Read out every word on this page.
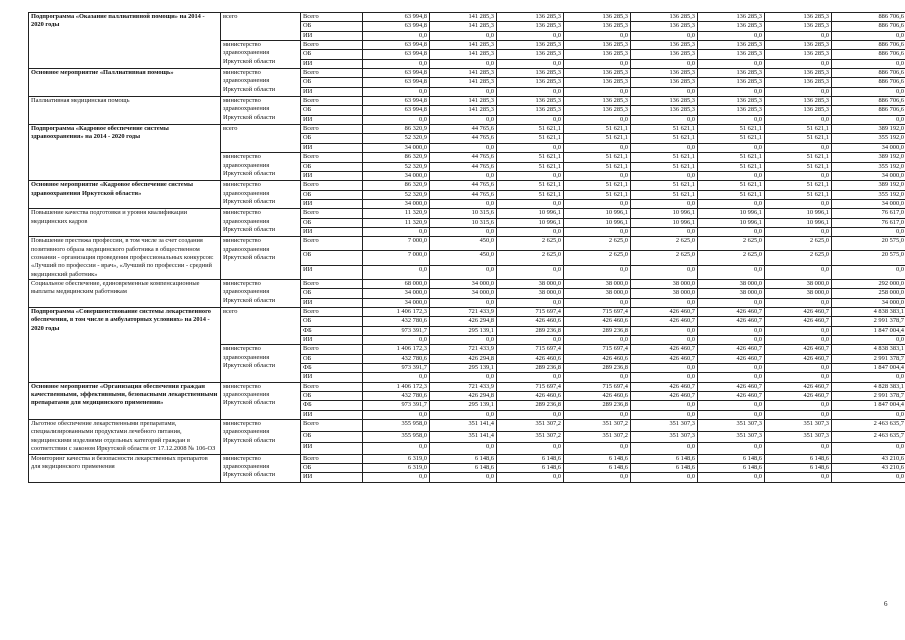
Подпрограмма «Оказание паллиативной помощи» на 2014 - 2020 годы	всего	Всего	63 994,8	141 285,3	136 285,3	136 285,3	136 285,3	136 285,3	136 285,3	886 706,6
		ОБ	63 994,8	141 285,3	136 285,3	136 285,3	136 285,3	136 285,3	136 285,3	886 706,6
		ИИ	0,0	0,0	0,0	0,0	0,0	0,0	0,0	0,0
	министерство здравоохранения Иркутской области	Всего	63 994,8	141 285,3	136 285,3	136 285,3	136 285,3	136 285,3	136 285,3	886 706,6
		ОБ	63 994,8	141 285,3	136 285,3	136 285,3	136 285,3	136 285,3	136 285,3	886 706,6
		ИИ	0,0	0,0	0,0	0,0	0,0	0,0	0,0	0,0
Основное мероприятие «Паллиативная помощь»	министерство здравоохранения Иркутской области	Всего	63 994,8	141 285,3	136 285,3	136 285,3	136 285,3	136 285,3	136 285,3	886 706,6
		ОБ	63 994,8	141 285,3	136 285,3	136 285,3	136 285,3	136 285,3	136 285,3	886 706,6
		ИИ	0,0	0,0	0,0	0,0	0,0	0,0	0,0	0,0
Паллиативная медицинская помощь	министерство здравоохранения Иркутской области	Всего	63 994,8	141 285,3	136 285,3	136 285,3	136 285,3	136 285,3	136 285,3	886 706,6
		ОБ	63 994,8	141 285,3	136 285,3	136 285,3	136 285,3	136 285,3	136 285,3	886 706,6
		ИИ	0,0	0,0	0,0	0,0	0,0	0,0	0,0	0,0
Подпрограмма «Кадровое обеспечение системы здравоохранения» на 2014 - 2020 годы	всего	Всего	86 320,9	44 765,6	51 621,1	51 621,1	51 621,1	51 621,1	51 621,1	389 192,0
		ОБ	52 320,9	44 765,6	51 621,1	51 621,1	51 621,1	51 621,1	51 621,1	355 192,0
		ИИ	34 000,0	0,0	0,0	0,0	0,0	0,0	0,0	34 000,0
	министерство здравоохранения Иркутской области	Всего	86 320,9	44 765,6	51 621,1	51 621,1	51 621,1	51 621,1	51 621,1	389 192,0
		ОБ	52 320,9	44 765,6	51 621,1	51 621,1	51 621,1	51 621,1	51 621,1	355 192,0
		ИИ	34 000,0	0,0	0,0	0,0	0,0	0,0	0,0	34 000,0
Основное мероприятие «Кадровое обеспечение системы здравоохранения Иркутской области»	министерство здравоохранения Иркутской области	Всего	86 320,9	44 765,6	51 621,1	51 621,1	51 621,1	51 621,1	51 621,1	389 192,0
		ОБ	52 320,9	44 765,6	51 621,1	51 621,1	51 621,1	51 621,1	51 621,1	355 192,0
		ИИ	34 000,0	0,0	0,0	0,0	0,0	0,0	0,0	34 000,0
Повышение качества подготовки и уровня квалификации медицинских кадров	министерство здравоохранения Иркутской области	Всего	11 320,9	10 315,6	10 996,1	10 996,1	10 996,1	10 996,1	10 996,1	76 617,0
		ОБ	11 320,9	10 315,6	10 996,1	10 996,1	10 996,1	10 996,1	10 996,1	76 617,0
		ИИ	0,0	0,0	0,0	0,0	0,0	0,0	0,0	0,0
Повышение престижа профессии, в том числе за счет создания позитивного образа медицинского работника в общественном сознании - организация проведения профессиональных конкурсов: «Лучший по профессии - врач», «Лучший по профессии - средний медицинский работник»	министерство здравоохранения Иркутской области	Всего	7 000,0	450,0	2 625,0	2 625,0	2 625,0	2 625,0	2 625,0	20 575,0
		ОБ	7 000,0	450,0	2 625,0	2 625,0	2 625,0	2 625,0	2 625,0	20 575,0
		ИИ	0,0	0,0	0,0	0,0	0,0	0,0	0,0	0,0
Социальное обеспечение, единовременные компенсационные выплаты медицинским работникам	министерство здравоохранения Иркутской области	Всего	68 000,0	34 000,0	38 000,0	38 000,0	38 000,0	38 000,0	38 000,0	292 000,0
		ОБ	34 000,0	34 000,0	38 000,0	38 000,0	38 000,0	38 000,0	38 000,0	258 000,0
		ИИ	34 000,0	0,0	0,0	0,0	0,0	0,0	0,0	34 000,0
Подпрограмма «Совершенствование системы лекарственного обеспечения, в том числе в амбулаторных условиях» на 2014 - 2020 годы	всего	Всего	1 406 172,3	721 433,9	715 697,4	715 697,4	426 460,7	426 460,7	426 460,7	4 838 383,1
		ОБ	432 780,6	426 294,8	426 460,6	426 460,6	426 460,7	426 460,7	426 460,7	2 991 378,7
		ФБ	973 391,7	295 139,1	289 236,8	289 236,8	0,0	0,0	0,0	1 847 004,4
		ИИ	0,0	0,0	0,0	0,0	0,0	0,0	0,0	0,0
	министерство здравоохранения Иркутской области	Всего	1 406 172,3	721 433,9	715 697,4	715 697,4	426 460,7	426 460,7	426 460,7	4 838 383,1
		ОБ	432 780,6	426 294,8	426 460,6	426 460,6	426 460,7	426 460,7	426 460,7	2 991 378,7
		ФБ	973 391,7	295 139,1	289 236,8	289 236,8	0,0	0,0	0,0	1 847 004,4
		ИИ	0,0	0,0	0,0	0,0	0,0	0,0	0,0	0,0
Основное мероприятие «Организация обеспечения граждан качественными, эффективными, безопасными лекарственными препаратами для медицинского применения»	министерство здравоохранения Иркутской области	Всего	1 406 172,3	721 433,9	715 697,4	715 697,4	426 460,7	426 460,7	426 460,7	4 828 383,1
		ОБ	432 780,6	426 294,8	426 460,6	426 460,6	426 460,7	426 460,7	426 460,7	2 991 378,7
		ФБ	973 391,7	295 139,1	289 236,8	289 236,8	0,0	0,0	0,0	1 847 004,4
		ИИ	0,0	0,0	0,0	0,0	0,0	0,0	0,0	0,0
Льготное обеспечение лекарственными препаратами, специализированными продуктами лечебного питания, медицинскими изделиями отдельных категорий граждан в соответствии с законом Иркутской области от 17.12.2008 № 106-ОЗ	министерство здравоохранения Иркутской области	Всего	355 958,0	351 141,4	351 307,2	351 307,2	351 307,3	351 307,3	351 307,3	2 463 635,7
		ОБ	355 958,0	351 141,4	351 307,2	351 307,2	351 307,3	351 307,3	351 307,3	2 463 635,7
		ИИ	0,0	0,0	0,0	0,0	0,0	0,0	0,0	0,0
Мониторинг качества и безопасности лекарственных препаратов для медицинского применения	министерство здравоохранения Иркутской области	Всего	6 319,0	6 148,6	6 148,6	6 148,6	6 148,6	6 148,6	6 148,6	43 210,6
		ОБ	6 319,0	6 148,6	6 148,6	6 148,6	6 148,6	6 148,6	6 148,6	43 210,6
		ИИ	0,0	0,0	0,0	0,0	0,0	0,0	0,0	0,0
6
